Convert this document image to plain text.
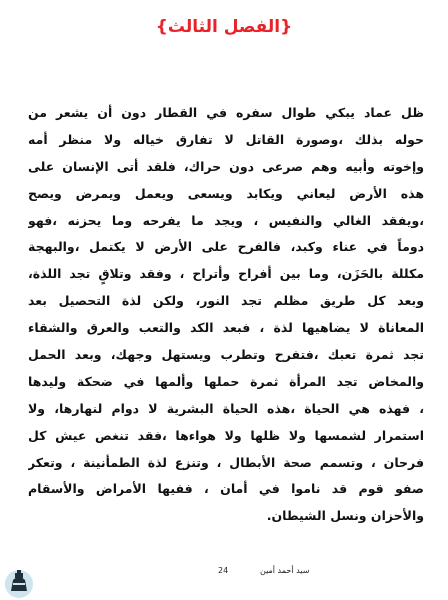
{الفصل الثالث}
ظل عماد يبكي طوال سفره في القطار دون أن يشعر من
حوله بذلك ،وصورة القاتل لا تفارق خياله ولا منظر أمه
وإخوته وأبيه وهم صرعى دون حراك، فلقد أتى الإنسان على
هذه الأرض ليعاني ويكابد ويسعى ويعمل ويمرض ويصح
،ويفقد الغالي والنفيس ، ويجد ما يفرحه وما يحزنه ،فهو
دوماً في عناء وكبد، فالفرح على الأرض لا يكتمل ،والبهجة
مكللة بالحَزَن، وما بين أفراح وأتراح ، وفقد وتلاقٍ تجد اللذة،
وبعد كل طريق مظلم تجد النور، ولكن لذة التحصيل بعد
المعاناة لا يضاهيها لذة ، فبعد الكد والتعب والعرق والشقاء
تجد ثمرة تعبك ،فتفرح وتطرب ويستهل وجهك، وبعد الحمل
والمخاض تجد المرأة ثمرة حملها وألمها في ضحكة وليدها
، فهذه هي الحياة ،هذه الحياة البشرية لا دوام لنهارها، ولا
استمرار لشمسها ولا ظلها ولا هواءها ،فقد تنغص عيش كل
فرحان ، وتسمم صحة الأبطال ، وتنزع لذة الطمأنينة ، وتعكر
صفو قوم قد ناموا في أمان ، ففيها الأمراض والأسقام
والأحزان ونسل الشيطان.
24	سيد أحمد أمين
